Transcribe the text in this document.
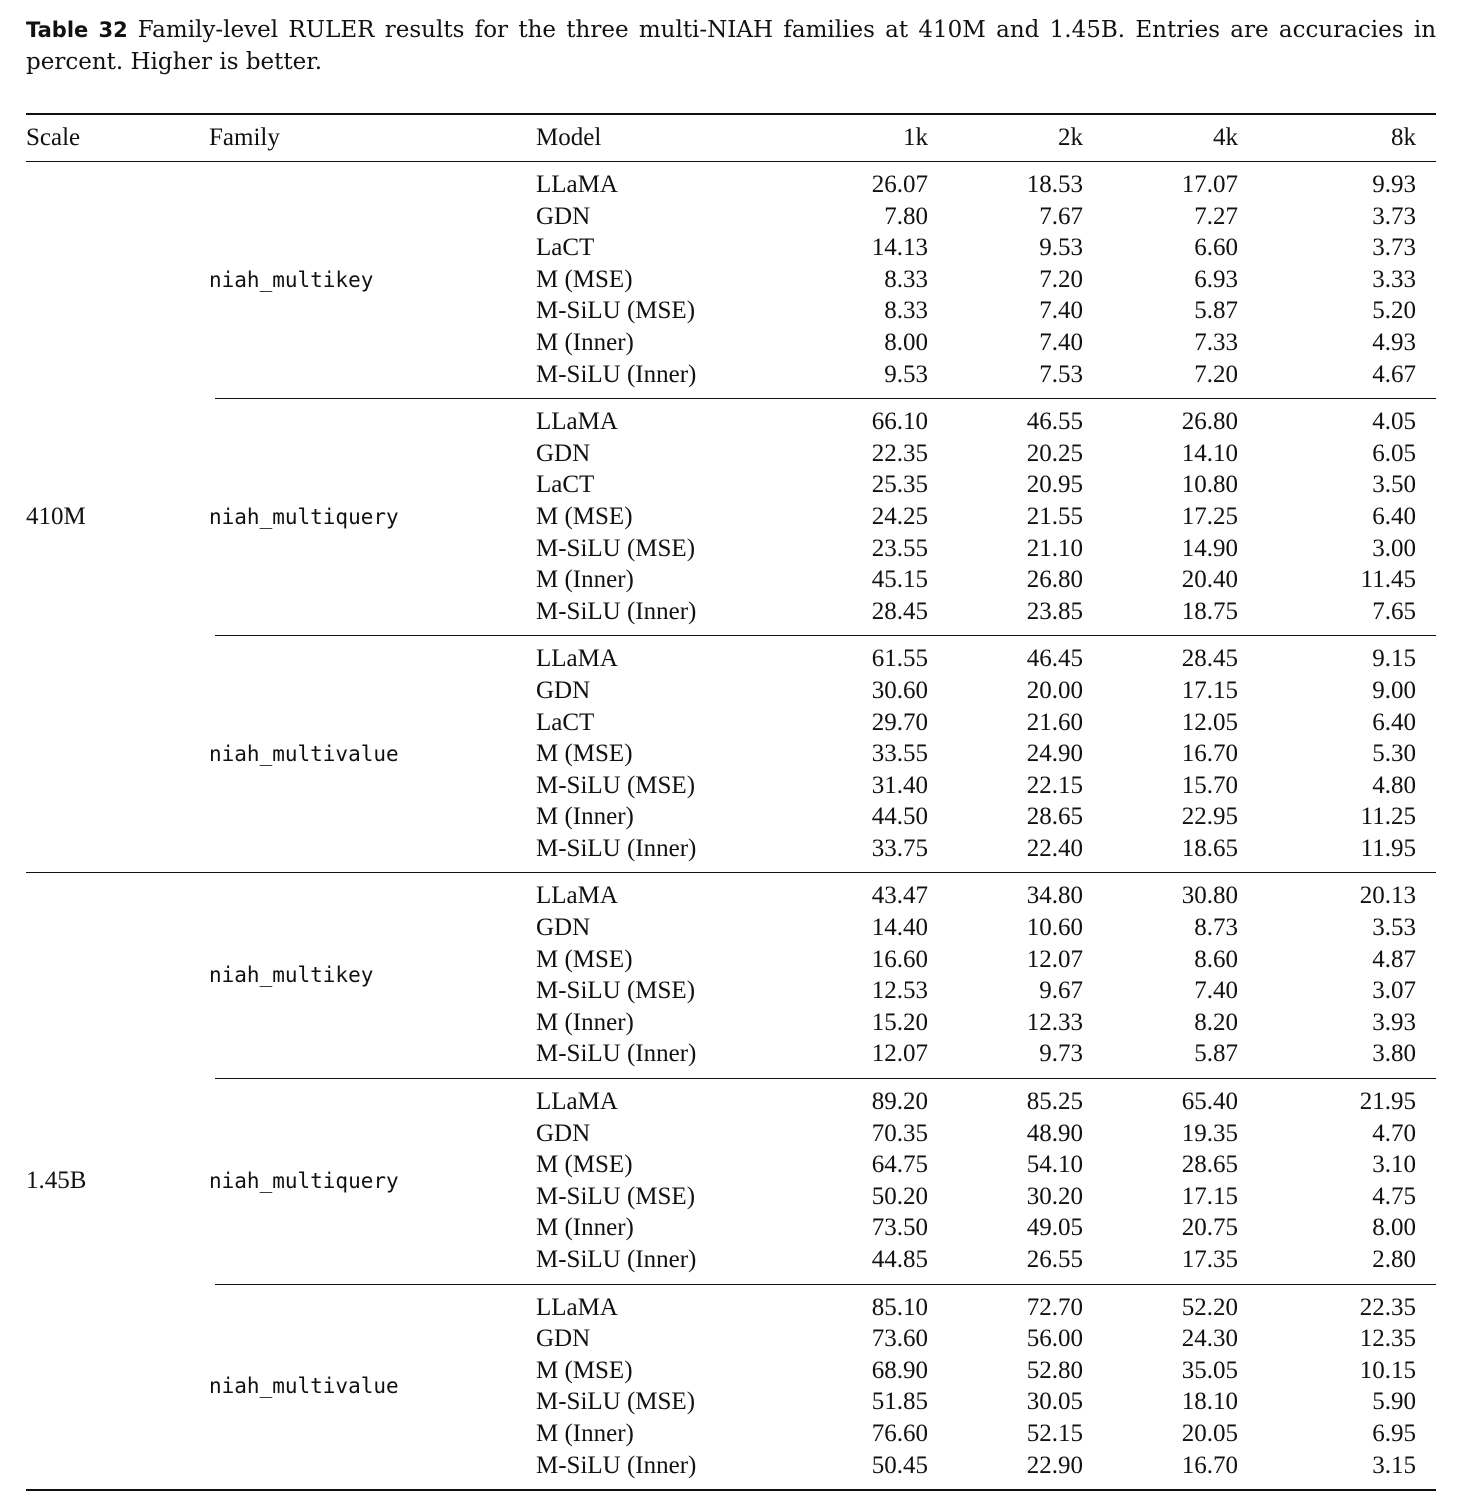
Table 32 Family-level RULER results for the three multi-NIAH families at 410M and 1.45B. Entries are accuracies in percent. Higher is better.
Scale	Family	Model	1k	2k	4k	8k
410M
niah_multikey
LLaMA	26.07	18.53	17.07	9.93
GDN	7.80	7.67	7.27	3.73
LaCT	14.13	9.53	6.60	3.73
M (MSE)	8.33	7.20	6.93	3.33
M-SiLU (MSE)	8.33	7.40	5.87	5.20
M (Inner)	8.00	7.40	7.33	4.93
M-SiLU (Inner)	9.53	7.53	7.20	4.67
niah_multiquery
LLaMA	66.10	46.55	26.80	4.05
GDN	22.35	20.25	14.10	6.05
LaCT	25.35	20.95	10.80	3.50
M (MSE)	24.25	21.55	17.25	6.40
M-SiLU (MSE)	23.55	21.10	14.90	3.00
M (Inner)	45.15	26.80	20.40	11.45
M-SiLU (Inner)	28.45	23.85	18.75	7.65
niah_multivalue
LLaMA	61.55	46.45	28.45	9.15
GDN	30.60	20.00	17.15	9.00
LaCT	29.70	21.60	12.05	6.40
M (MSE)	33.55	24.90	16.70	5.30
M-SiLU (MSE)	31.40	22.15	15.70	4.80
M (Inner)	44.50	28.65	22.95	11.25
M-SiLU (Inner)	33.75	22.40	18.65	11.95
1.45B
niah_multikey
LLaMA	43.47	34.80	30.80	20.13
GDN	14.40	10.60	8.73	3.53
M (MSE)	16.60	12.07	8.60	4.87
M-SiLU (MSE)	12.53	9.67	7.40	3.07
M (Inner)	15.20	12.33	8.20	3.93
M-SiLU (Inner)	12.07	9.73	5.87	3.80
niah_multiquery
LLaMA	89.20	85.25	65.40	21.95
GDN	70.35	48.90	19.35	4.70
M (MSE)	64.75	54.10	28.65	3.10
M-SiLU (MSE)	50.20	30.20	17.15	4.75
M (Inner)	73.50	49.05	20.75	8.00
M-SiLU (Inner)	44.85	26.55	17.35	2.80
niah_multivalue
LLaMA	85.10	72.70	52.20	22.35
GDN	73.60	56.00	24.30	12.35
M (MSE)	68.90	52.80	35.05	10.15
M-SiLU (MSE)	51.85	30.05	18.10	5.90
M (Inner)	76.60	52.15	20.05	6.95
M-SiLU (Inner)	50.45	22.90	16.70	3.15
